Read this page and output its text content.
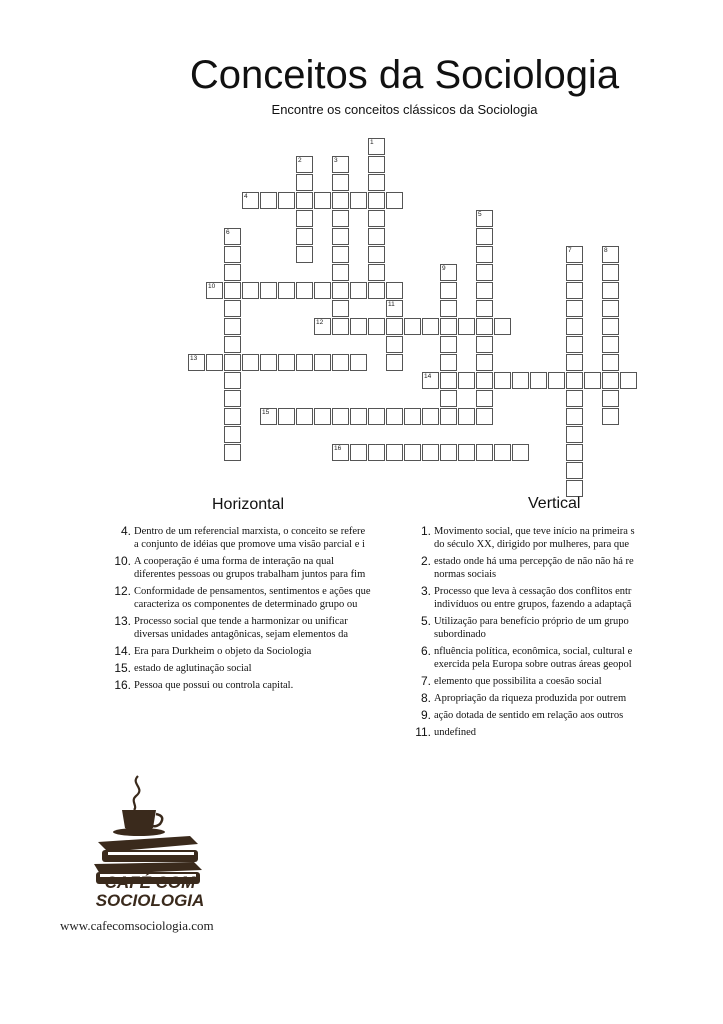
Conceitos da Sociologia
Encontre os conceitos clássicos da Sociologia
1
2	3
4
5
6
7	8
9
10
11
12
13
14
15
16
Horizontal	Vertical
4. Dentro de um referencial marxista, o conceito se refere
a conjunto de idéias que promove uma visão parcial e i
10. A cooperação é uma forma de interação na qual
diferentes pessoas ou grupos trabalham juntos para fim
12. Conformidade de pensamentos, sentimentos e ações que
caracteriza os componentes de determinado grupo ou
13. Processo social que tende a harmonizar ou unificar
diversas unidades antagônicas, sejam elementos da
14. Era para Durkheim o objeto da Sociologia
15. estado de aglutinação social
16. Pessoa que possui ou controla capital.
1. Movimento social, que teve início na primeira s
do século XX, dirigido por mulheres, para que
2. estado onde há uma percepção de não não há re
normas sociais
3. Processo que leva à cessação dos conflitos entr
indivíduos ou entre grupos, fazendo a adaptaçã
5. Utilização para benefício próprio de um grupo
subordinado
6. nfluência política, econômica, social, cultural e
exercida pela Europa sobre outras áreas geopol
7. elemento que possibilita a coesão social
8. Apropriação da riqueza produzida por outrem
9. ação dotada de sentido em relação aos outros
11. undefined
CAFÉ COM
SOCIOLOGIA
www.cafecomsociologia.com
